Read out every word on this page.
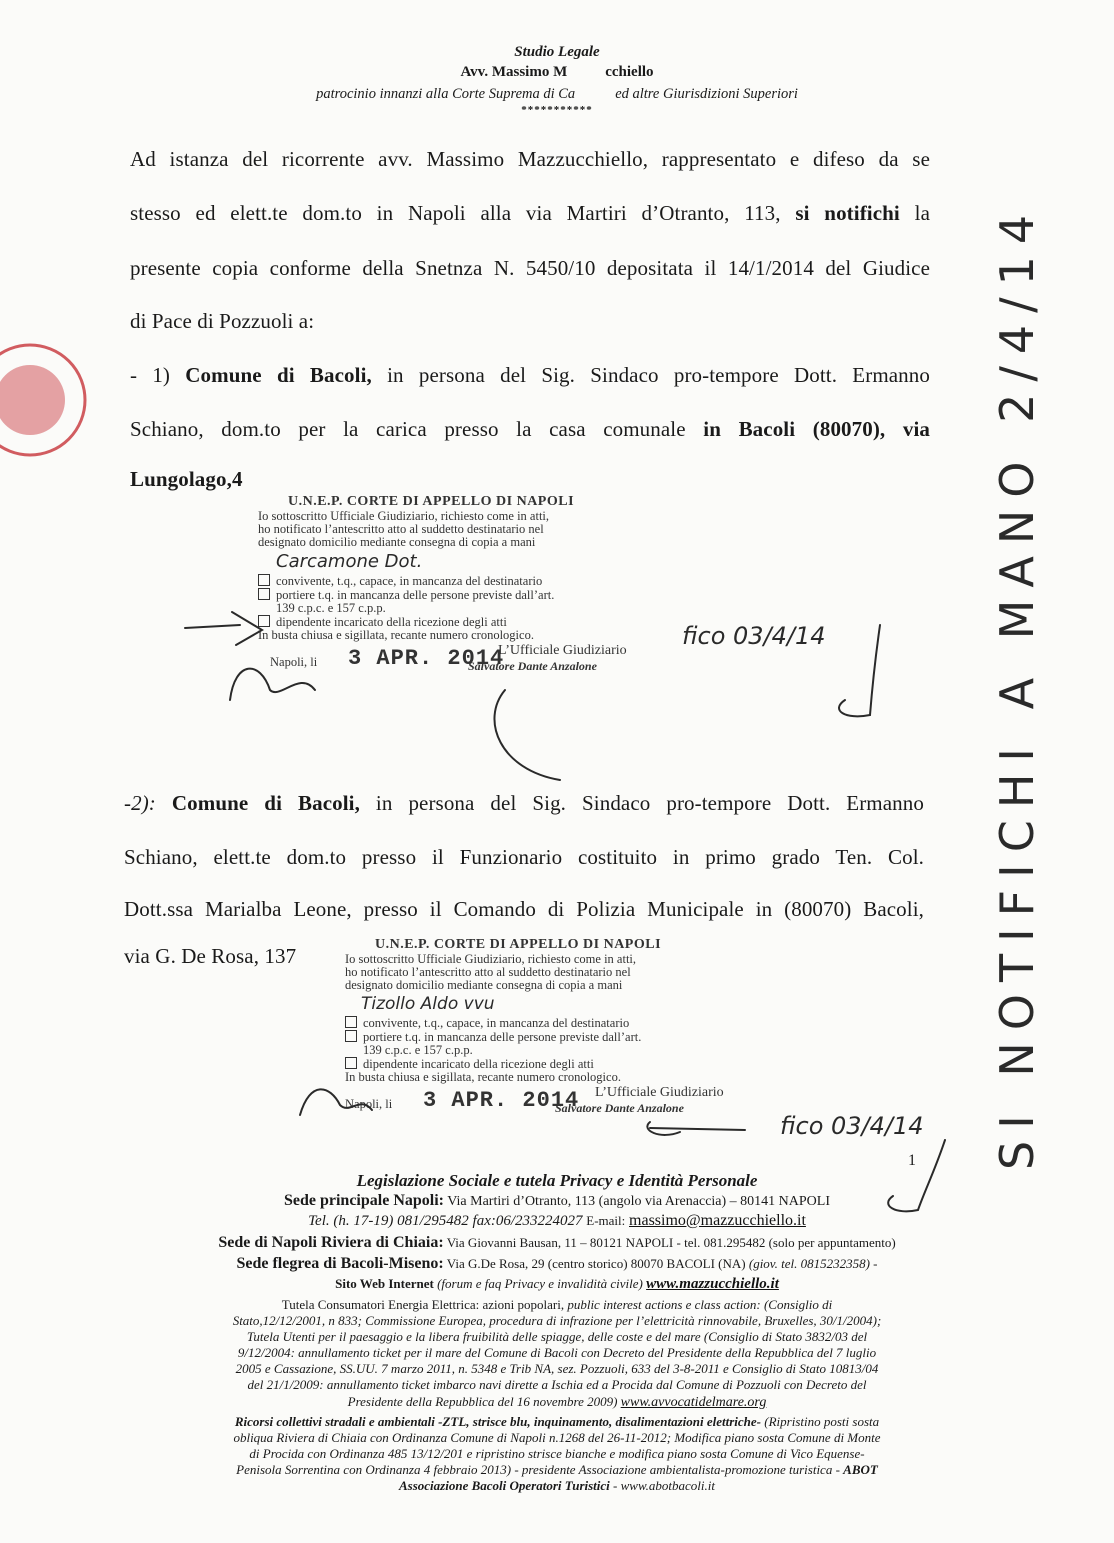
Studio Legale
Avv. Massimo M	cchiello
patrocinio innanzi alla Corte Suprema di Ca	ed altre Giurisdizioni Superiori
***********
Ad istanza del ricorrente avv. Massimo Mazzucchiello, rappresentato e difeso da se
stesso ed elett.te dom.to in Napoli alla via Martiri d’Otranto, 113, si notifichi la
presente copia conforme della Snetnza N. 5450/10 depositata il 14/1/2014 del Giudice
di Pace di Pozzuoli a:
- 1) Comune di Bacoli, in persona del Sig. Sindaco pro-tempore Dott. Ermanno
Schiano, dom.to per la carica presso la casa comunale in Bacoli (80070), via
Lungolago,4
U.N.E.P. CORTE DI APPELLO DI NAPOLI
Io sottoscritto Ufficiale Giudiziario, richiesto come in atti,
ho notificato l’antescritto atto al suddetto destinatario nel
designato domicilio mediante consegna di copia a mani
Carcamone Dot.
convivente, t.q., capace, in mancanza del destinatario
portiere t.q. in mancanza delle persone previste dall’art.
139 c.p.c. e 157 c.p.p.
dipendente incaricato della ricezione degli atti
In busta chiusa e sigillata, recante numero cronologico.
Napoli, li 3 APR. 2014
L’Ufficiale Giudiziario
Salvatore Dante Anzalone
fico 03/4/14
-2): Comune di Bacoli, in persona del Sig. Sindaco pro-tempore Dott. Ermanno
Schiano, elett.te dom.to presso il Funzionario costituito in primo grado Ten. Col.
Dott.ssa Marialba Leone, presso il Comando di Polizia Municipale in (80070) Bacoli,
via G. De Rosa, 137	U.N.E.P. CORTE DI APPELLO DI NAPOLI
Io sottoscritto Ufficiale Giudiziario, richiesto come in atti,
ho notificato l’antescritto atto al suddetto destinatario nel
designato domicilio mediante consegna di copia a mani
Tizollo Aldo vvu
convivente, t.q., capace, in mancanza del destinatario
portiere t.q. in mancanza delle persone previste dall’art.
139 c.p.c. e 157 c.p.p.
dipendente incaricato della ricezione degli atti
In busta chiusa e sigillata, recante numero cronologico.
Napoli, li 3 APR. 2014 L’Ufficiale Giudiziario
Salvatore Dante Anzalone
fico 03/4/14 SI NOTIFICHI A MANO 2/4/14
1
Legislazione Sociale e tutela Privacy e Identità Personale
Sede principale Napoli: Via Martiri d’Otranto, 113 (angolo via Arenaccia) – 80141 NAPOLI
Tel. (h. 17-19) 081/295482 fax:06/233224027 E-mail: massimo@mazzucchiello.it
Sede di Napoli Riviera di Chiaia: Via Giovanni Bausan, 11 – 80121 NAPOLI - tel. 081.295482 (solo per appuntamento)
Sede flegrea di Bacoli-Miseno: Via G.De Rosa, 29 (centro storico) 80070 BACOLI (NA) (giov. tel. 0815232358) -
Sito Web Internet (forum e faq Privacy e invalidità civile) www.mazzucchiello.it
Tutela Consumatori Energia Elettrica: azioni popolari, public interest actions e class action: (Consiglio di
Stato,12/12/2001, n 833; Commissione Europea, procedura di infrazione per l’elettricità rinnovabile, Bruxelles, 30/1/2004);
Tutela Utenti per il paesaggio e la libera fruibilità delle spiagge, delle coste e del mare (Consiglio di Stato 3832/03 del
9/12/2004: annullamento ticket per il mare del Comune di Bacoli con Decreto del Presidente della Repubblica del 7 luglio
2005 e Cassazione, SS.UU. 7 marzo 2011, n. 5348 e Trib NA, sez. Pozzuoli, 633 del 3-8-2011 e Consiglio di Stato 10813/04
del 21/1/2009: annullamento ticket imbarco navi dirette a Ischia ed a Procida dal Comune di Pozzuoli con Decreto del
Presidente della Repubblica del 16 novembre 2009) www.avvocatidelmare.org
Ricorsi collettivi stradali e ambientali -ZTL, strisce blu, inquinamento, disalimentazioni elettriche- (Ripristino posti sosta
obliqua Riviera di Chiaia con Ordinanza Comune di Napoli n.1268 del 26-11-2012; Modifica piano sosta Comune di Monte
di Procida con Ordinanza 485 13/12/201 e ripristino strisce bianche e modifica piano sosta Comune di Vico Equense-
Penisola Sorrentina con Ordinanza 4 febbraio 2013) - presidente Associazione ambientalista-promozione turistica - ABOT
Associazione Bacoli Operatori Turistici - www.abotbacoli.it
